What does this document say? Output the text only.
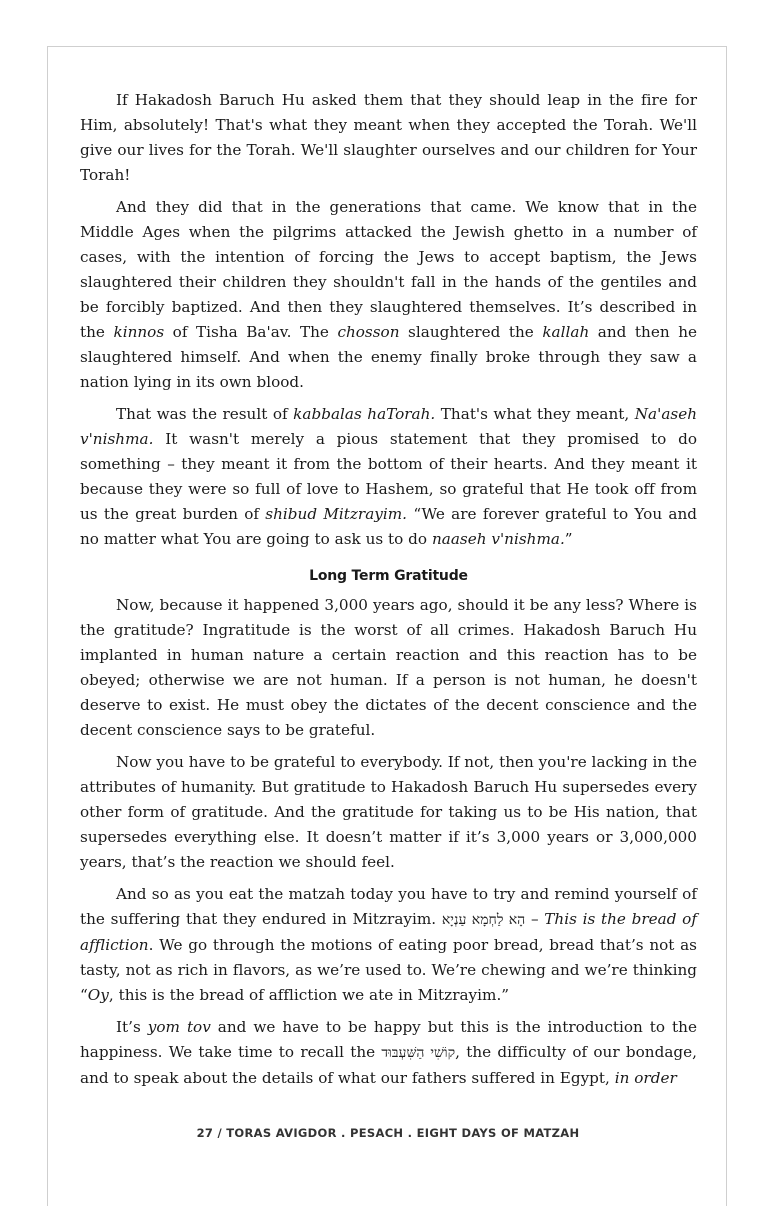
If Hakadosh Baruch Hu asked them that they should leap in the fire for Him, absolutely! That's what they meant when they accepted the Torah. We'll give our lives for the Torah. We'll slaughter ourselves and our children for Your Torah!

And they did that in the generations that came. We know that in the Middle Ages when the pilgrims attacked the Jewish ghetto in a number of cases, with the intention of forcing the Jews to accept baptism, the Jews slaughtered their children they shouldn't fall in the hands of the gentiles and be forcibly baptized. And then they slaughtered themselves. It’s described in the kinnos of Tisha Ba'av. The chosson slaughtered the kallah and then he slaughtered himself. And when the enemy finally broke through they saw a nation lying in its own blood.

That was the result of kabbalas haTorah. That's what they meant, Na'aseh v'nishma. It wasn't merely a pious statement that they promised to do something – they meant it from the bottom of their hearts. And they meant it because they were so full of love to Hashem, so grateful that He took off from us the great burden of shibud Mitzrayim. “We are forever grateful to You and no matter what You are going to ask us to do naaseh v'nishma.”

Long Term Gratitude

Now, because it happened 3,000 years ago, should it be any less? Where is the gratitude? Ingratitude is the worst of all crimes. Hakadosh Baruch Hu implanted in human nature a certain reaction and this reaction has to be obeyed; otherwise we are not human. If a person is not human, he doesn't deserve to exist. He must obey the dictates of the decent conscience and the decent conscience says to be grateful.

Now you have to be grateful to everybody. If not, then you're lacking in the attributes of humanity. But gratitude to Hakadosh Baruch Hu supersedes every other form of gratitude. And the gratitude for taking us to be His nation, that supersedes everything else. It doesn’t matter if it’s 3,000 years or 3,000,000 years, that’s the reaction we should feel.

And so as you eat the matzah today you have to try and remind yourself of the suffering that they endured in Mitzrayim. הָא לַחְמָא עַנְיָא – This is the bread of affliction. We go through the motions of eating poor bread, bread that’s not as tasty, not as rich in flavors, as we’re used to. We’re chewing and we’re thinking “Oy, this is the bread of affliction we ate in Mitzrayim.”

It’s yom tov and we have to be happy but this is the introduction to the happiness. We take time to recall the קוֹשִׁי הַשִּׁעְבּוּד, the difficulty of our bondage, and to speak about the details of what our fathers suffered in Egypt, in order

27 / TORAS AVIGDOR . PESACH . EIGHT DAYS OF MATZAH
